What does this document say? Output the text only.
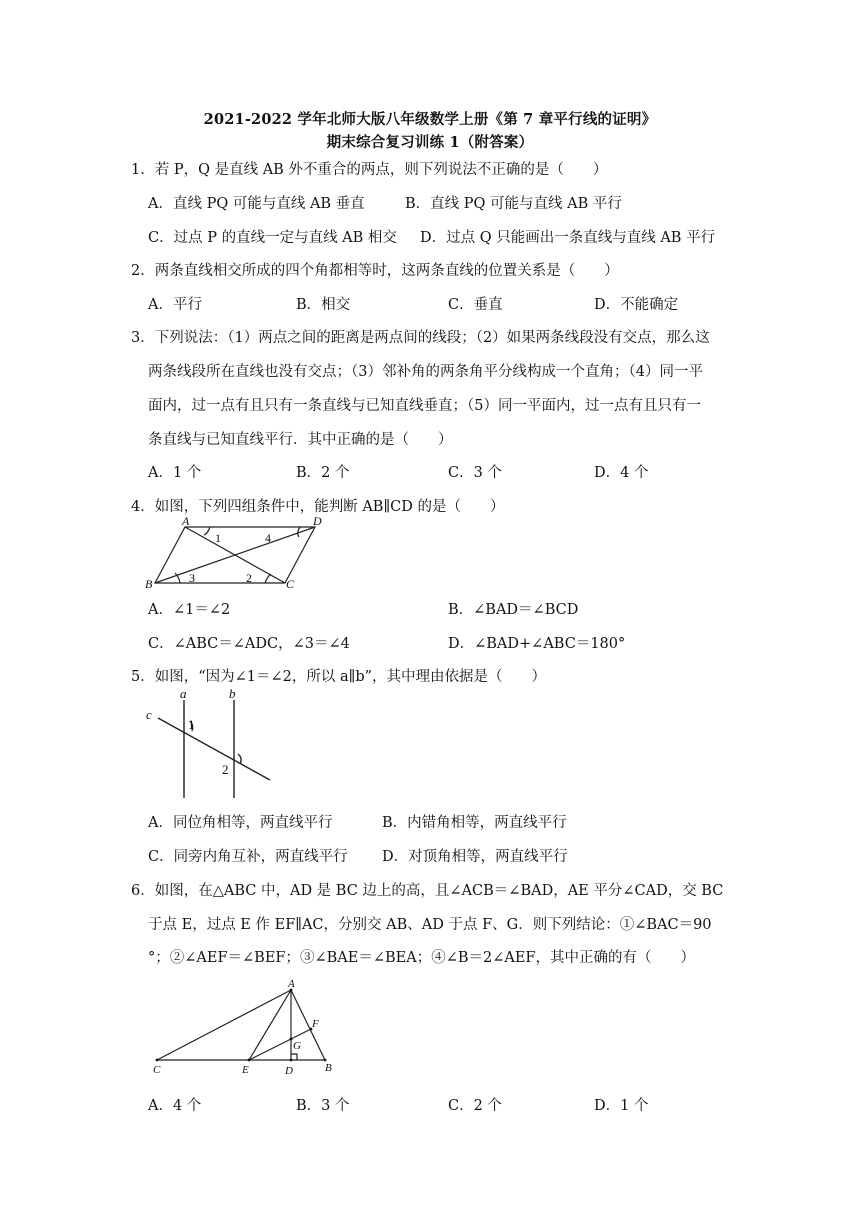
2021-2022 学年北师大版八年级数学上册《第 7 章平行线的证明》
期末综合复习训练 1（附答案）
1．若 P，Q 是直线 AB 外不重合的两点，则下列说法不正确的是（　　）
A．直线 PQ 可能与直线 AB 垂直	B．直线 PQ 可能与直线 AB 平行
C．过点 P 的直线一定与直线 AB 相交 D．过点 Q 只能画出一条直线与直线 AB 平行
2．两条直线相交所成的四个角都相等时，这两条直线的位置关系是（　　）
A．平行	B．相交	C．垂直	D．不能确定
3．下列说法：（1）两点之间的距离是两点间的线段；（2）如果两条线段没有交点，那么这
两条线段所在直线也没有交点；（3）邻补角的两条角平分线构成一个直角；（4）同一平
面内，过一点有且只有一条直线与已知直线垂直；（5）同一平面内，过一点有且只有一
条直线与已知直线平行．其中正确的是（　　）
A．1 个	B．2 个	C．3 个	D．4 个
4．如图，下列四组条件中，能判断 AB∥CD 的是（　　）
A	D
B	C
1
2
3
4
A．∠1＝∠2	B．∠BAD＝∠BCD
C．∠ABC＝∠ADC，∠3＝∠4	D．∠BAD+∠ABC＝180°
5．如图，“因为∠1＝∠2，所以 a∥b”，其中理由依据是（　　）
a	b
c
1
2
A．同位角相等，两直线平行	B．内错角相等，两直线平行
C．同旁内角互补，两直线平行 D．对顶角相等，两直线平行
6．如图，在△ABC 中，AD 是 BC 边上的高，且∠ACB＝∠BAD，AE 平分∠CAD，交 BC
于点 E，过点 E 作 EF∥AC，分别交 AB、AD 于点 F、G．则下列结论：①∠BAC＝90
°；②∠AEF＝∠BEF；③∠BAE＝∠BEA；④∠B＝2∠AEF，其中正确的有（　　）
A
F
G
C	E	D	B
A．4 个	B．3 个	C．2 个	D．1 个
